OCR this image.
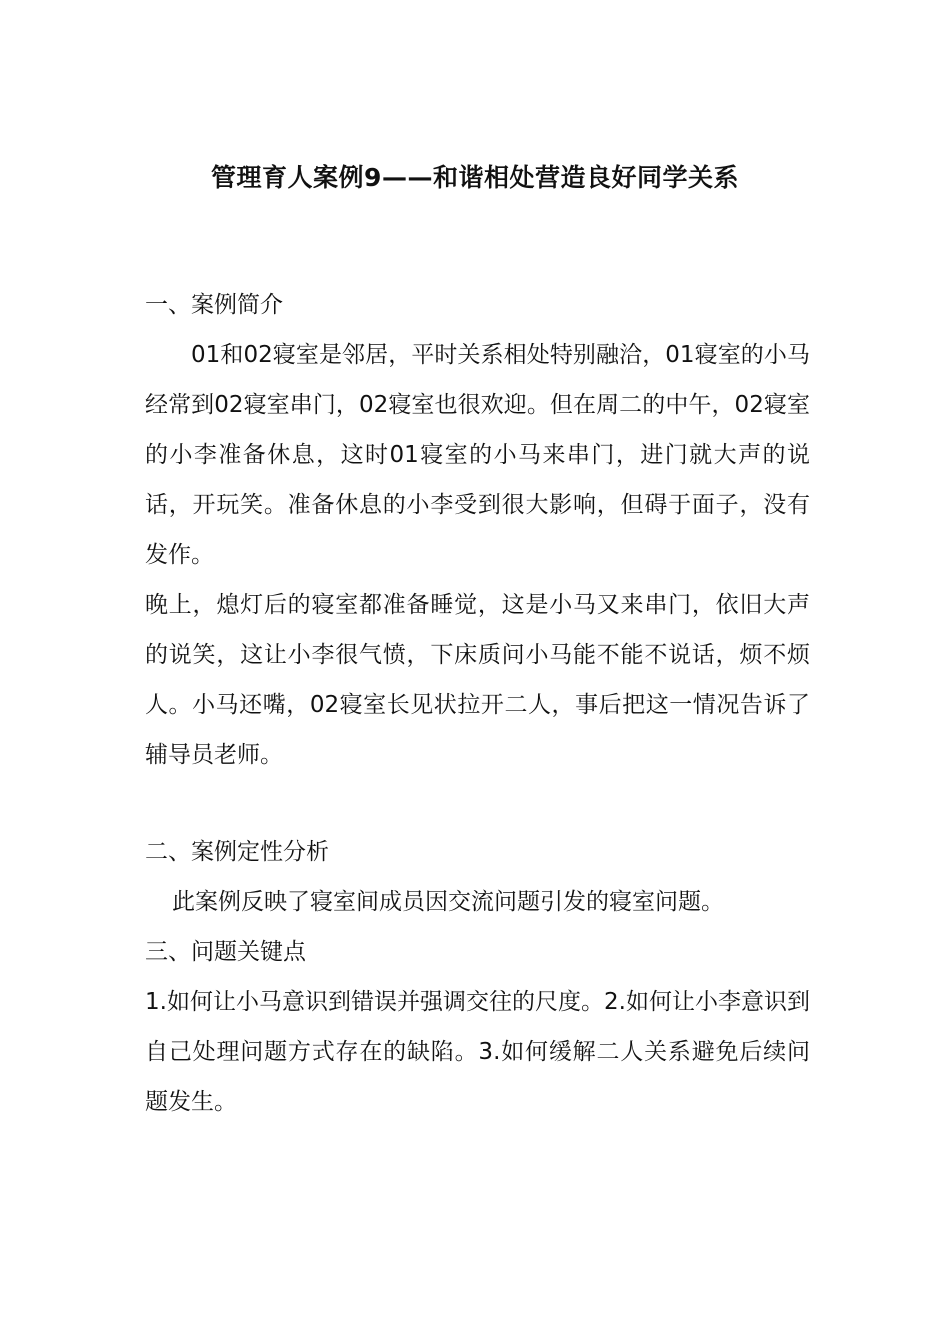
管理育人案例9——和谐相处营造良好同学关系

一、案例简介

01和02寝室是邻居，平时关系相处特别融洽，01寝室的小马经常到02寝室串门，02寝室也很欢迎。但在周二的中午，02寝室的小李准备休息，这时01寝室的小马来串门，进门就大声的说话，开玩笑。准备休息的小李受到很大影响，但碍于面子，没有发作。

晚上，熄灯后的寝室都准备睡觉，这是小马又来串门，依旧大声的说笑，这让小李很气愤，下床质问小马能不能不说话，烦不烦人。小马还嘴，02寝室长见状拉开二人，事后把这一情况告诉了辅导员老师。

二、案例定性分析

此案例反映了寝室间成员因交流问题引发的寝室问题。

三、问题关键点

1.如何让小马意识到错误并强调交往的尺度。2.如何让小李意识到自己处理问题方式存在的缺陷。3.如何缓解二人关系避免后续问题发生。
